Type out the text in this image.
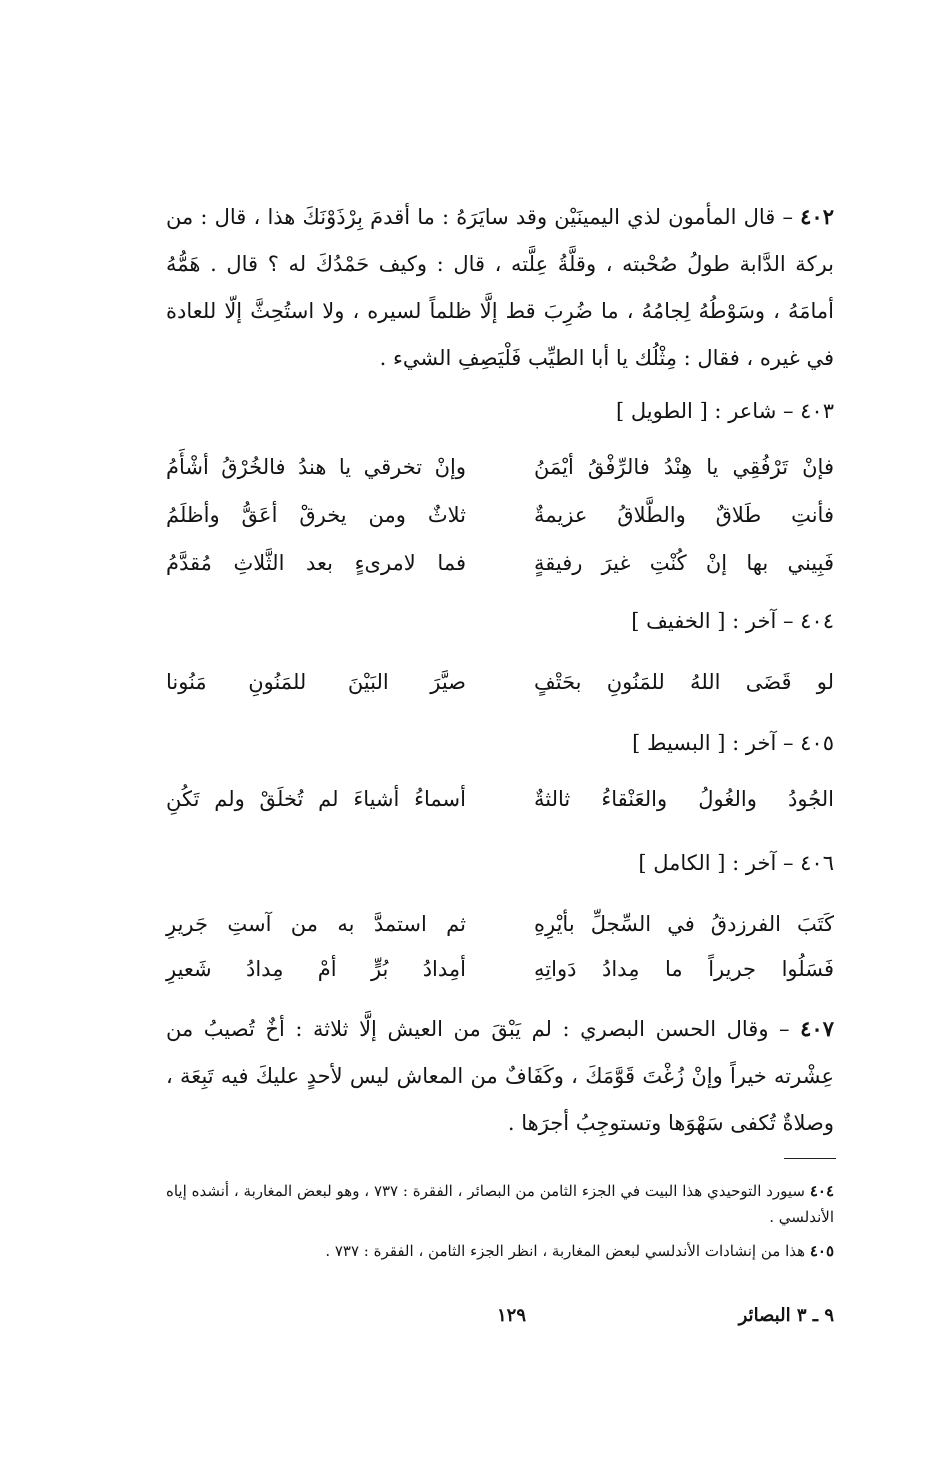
٤٠٢ – قال المأمون لذي اليمينَيْن وقد سايَرَهُ : ما أقدمَ بِرْذَوْنَكَ هذا ، قال : من بركة الدَّابة طولُ صُحْبته ، وقلَّةُ عِلَّته ، قال : وكيف حَمْدُكَ له ؟ قال . هَمُّهُ أمامَهُ ، وسَوْطُهُ لِجامُهُ ، ما ضُرِبَ قط إلَّا ظلماً لسيره ، ولا استُحِثَّ إلّا للعادة في غيره ، فقال : مِثْلُك يا أبا الطيِّب فَلْيَصِفِ الشيء .
٤٠٣ – شاعر : [ الطويل ]
فإنْ تَرْفُقِي يا هِنْدُ فالرِّفْقُ أيْمَنُ
وإنْ تخرقي يا هندُ فالخُرْقُ أشْأَمُ
فأنتِ طَلاقٌ والطَّلاقُ عزيمةٌ
ثلاثٌ ومن يخرقْ أعَقُّ وأظلَمُ
فَبِيني بها إنْ كُنْتِ غيرَ رفيقةٍ
فما لامرىءٍ بعد الثَّلاثِ مُقدَّمُ
٤٠٤ – آخر : [ الخفيف ]
لو قَضَى اللهُ للمَنُونِ بحَتْفٍ
صيَّرَ البَيْنَ للمَنُونِ مَنُونا
٤٠٥ – آخر : [ البسيط ]
الجُودُ والغُولُ والعَنْقاءُ ثالثةٌ
أسماءُ أشياءَ لم تُخلَقْ ولم تَكُنِ
٤٠٦ – آخر : [ الكامل ]
كَتَبَ الفرزدقُ في السِّجلِّ بأيْرِهِ
ثم استمدَّ به من آستِ جَريرِ
فَسَلُوا جريراً ما مِدادُ دَواتِهِ
أمِدادُ بُرٍّ أمْ مِدادُ شَعيرِ
٤٠٧ – وقال الحسن البصري : لم يَبْقَ من العيش إلَّا ثلاثة : أخٌ تُصيبُ من عِشْرته خيراً وإنْ زُغْتَ قَوَّمَكَ ، وكَفَافٌ من المعاش ليس لأحدٍ عليكَ فيه تَبِعَة ، وصلاةٌ تُكفى سَهْوَها وتستوجِبُ أجرَها .
٤٠٤ سيورد التوحيدي هذا البيت في الجزء الثامن من البصائر ، الفقرة : ٧٣٧ ، وهو لبعض المغاربة ، أنشده إياه الأندلسي .
٤٠٥ هذا من إنشادات الأندلسي لبعض المغاربة ، انظر الجزء الثامن ، الفقرة : ٧٣٧ .
٩ ـ ٣ البصائر
١٢٩
